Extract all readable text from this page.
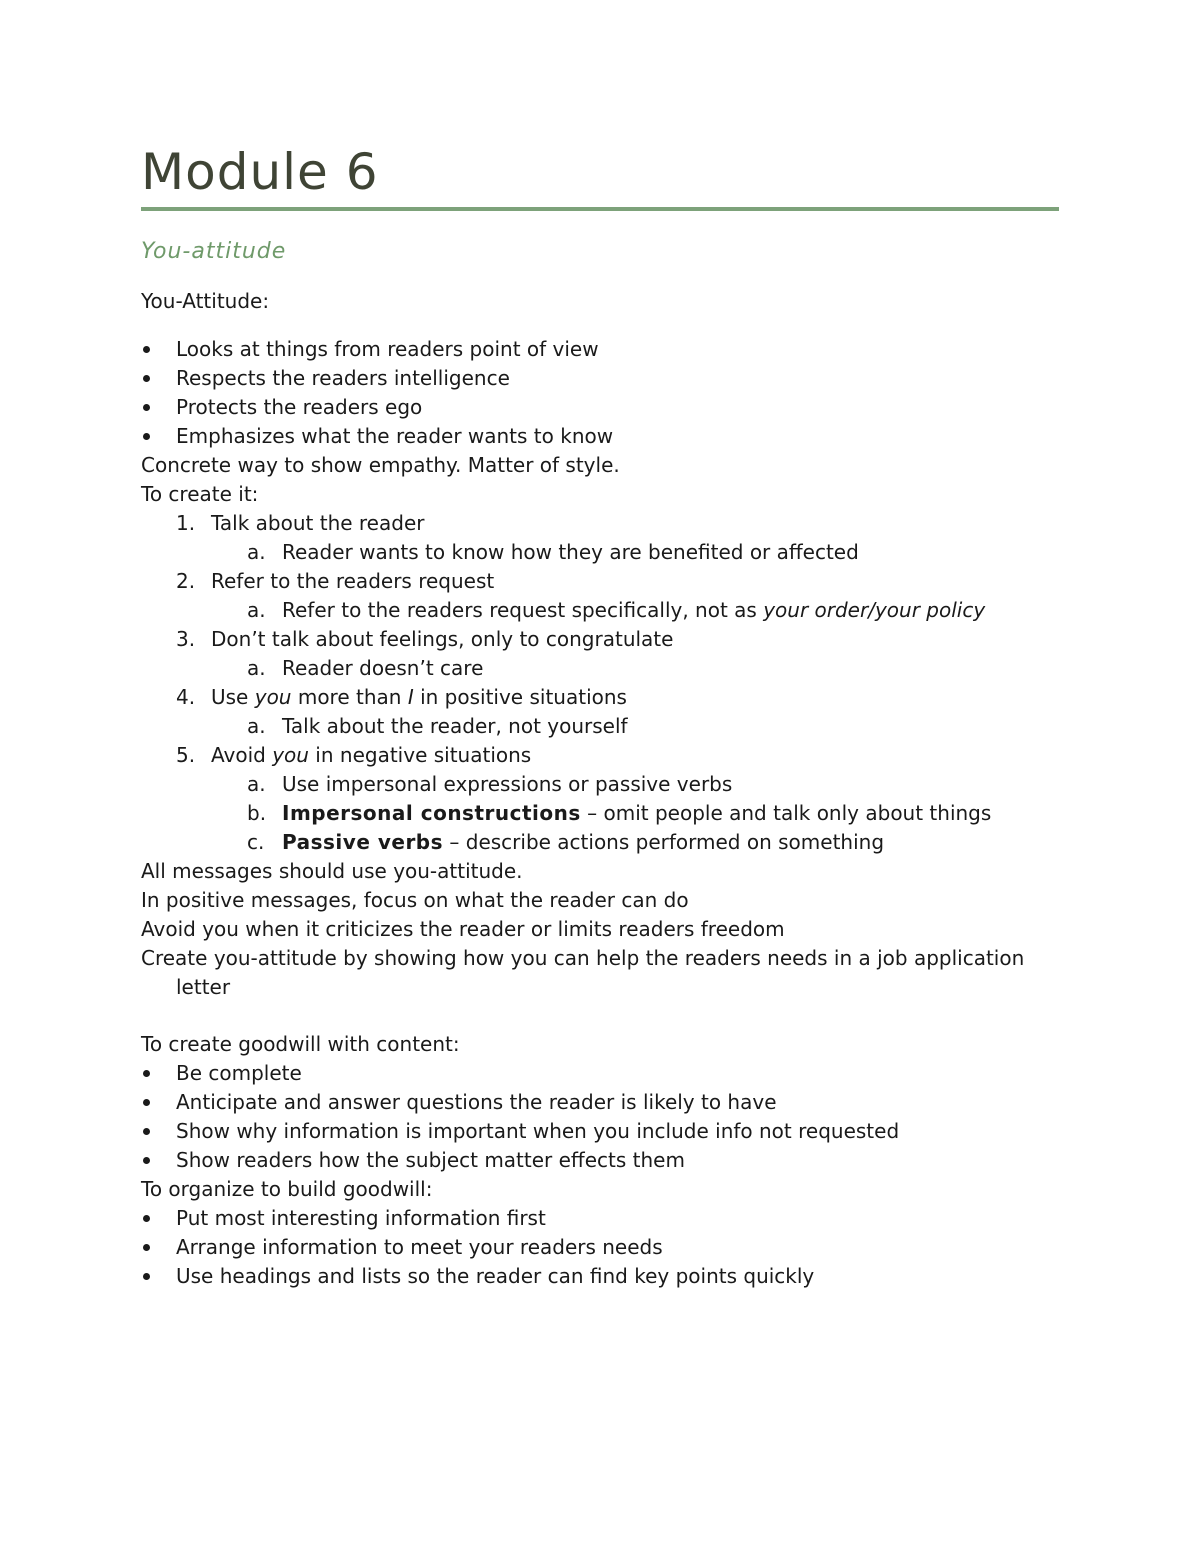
Module 6
You-attitude

You-Attitude:

Looks at things from readers point of view

Respects the readers intelligence

Protects the readers ego

Emphasizes what the reader wants to know

Concrete way to show empathy. Matter of style.

To create it:

1. Talk about the reader

a. Reader wants to know how they are benefited or affected

2. Refer to the readers request

a. Refer to the readers request specifically, not as your order/your policy

3. Don’t talk about feelings, only to congratulate

a. Reader doesn’t care

4. Use you more than I in positive situations

a. Talk about the reader, not yourself

5. Avoid you in negative situations

a. Use impersonal expressions or passive verbs

b. Impersonal constructions – omit people and talk only about things

c. Passive verbs – describe actions performed on something

All messages should use you-attitude.

In positive messages, focus on what the reader can do

Avoid you when it criticizes the reader or limits readers freedom

Create you-attitude by showing how you can help the readers needs in a job application letter

To create goodwill with content:

Be complete

Anticipate and answer questions the reader is likely to have

Show why information is important when you include info not requested

Show readers how the subject matter effects them

To organize to build goodwill:

Put most interesting information first

Arrange information to meet your readers needs

Use headings and lists so the reader can find key points quickly
